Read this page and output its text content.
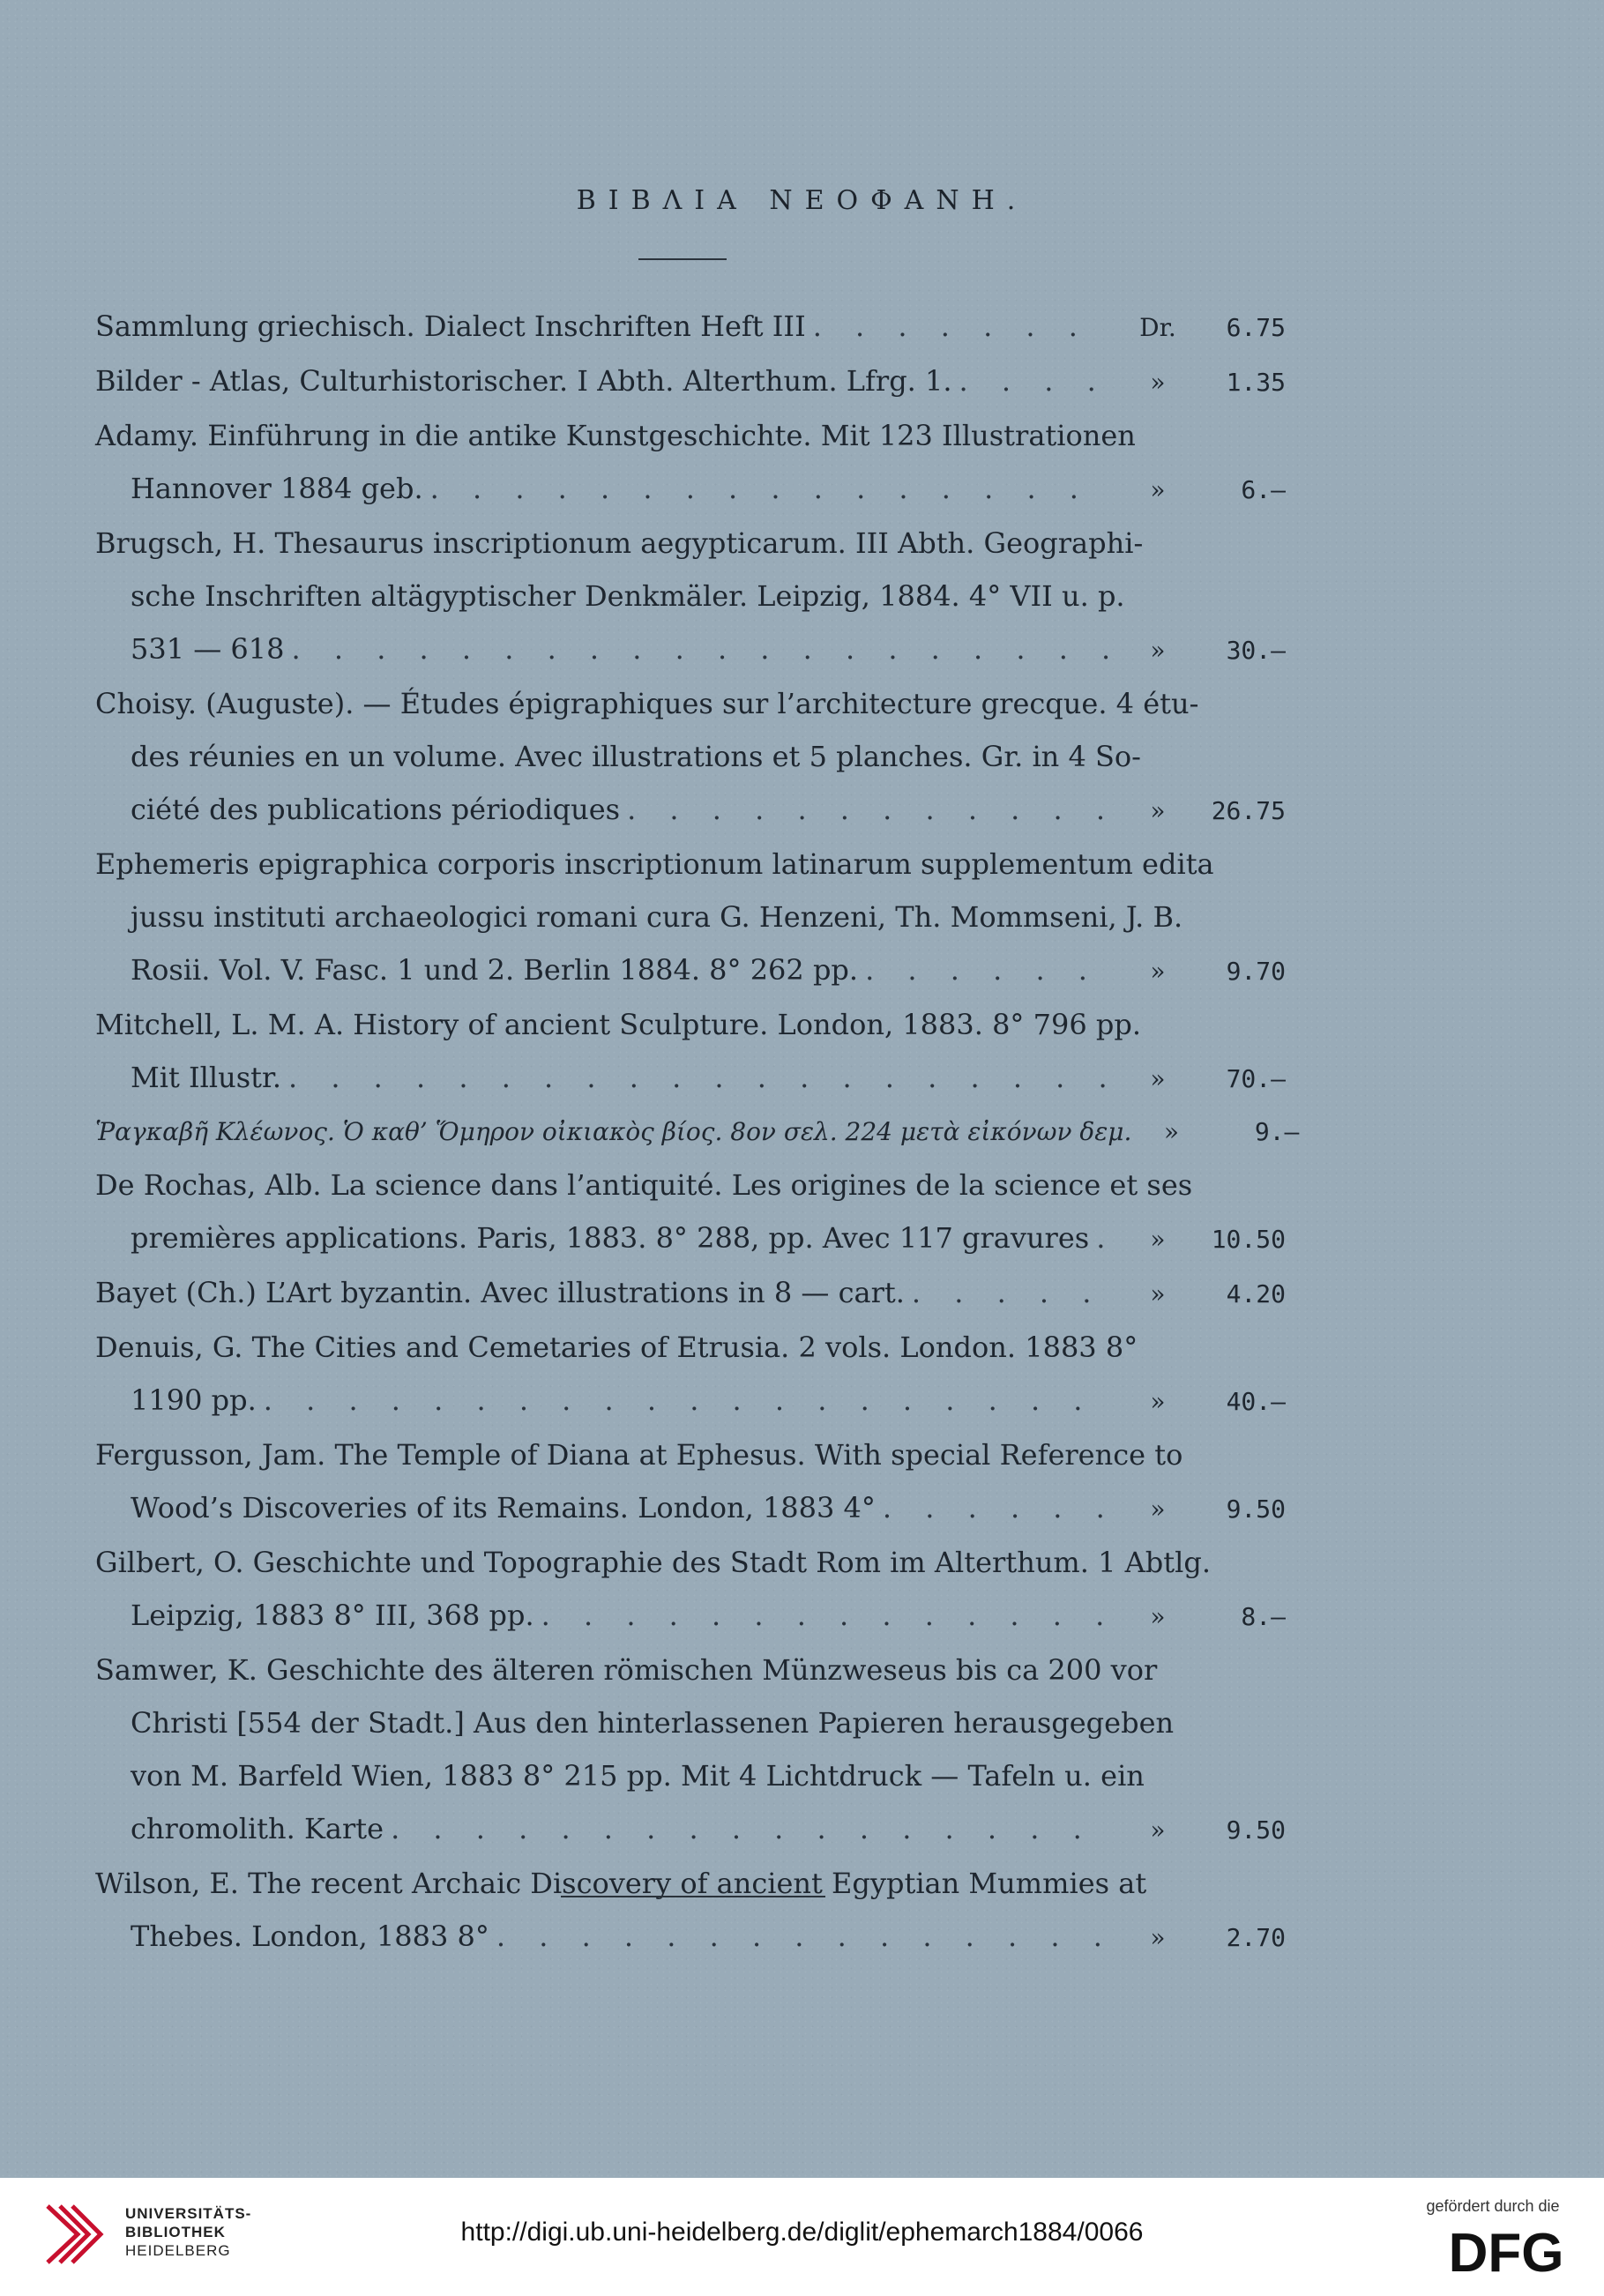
ΒΙΒΛΙΑ ΝΕΟΦΑΝΗ.
Sammlung griechisch. Dialect Inschriften Heft III . . .	Dr.	6.75
Bilder - Atlas, Culturhistorischer. I Abth. Alterthum. Lfrg. 1. . . .	»	1.35
Adamy. Einführung in die antike Kunstgeschichte. Mit 123 Illustrationen
Hannover 1884 geb. . . .	»	6.—
Brugsch, H. Thesaurus inscriptionum aegypticarum. III Abth. Geographi-
sche Inschriften altägyptischer Denkmäler. Leipzig, 1884. 4° VII u. p.
531 — 618 . . .	»	30.—
Choisy. (Auguste). — Études épigraphiques sur l’architecture grecque. 4 étu-
des réunies en un volume. Avec illustrations et 5 planches. Gr. in 4 So-
ciété des publications périodiques . . .	»	26.75
Ephemeris epigraphica corporis inscriptionum latinarum supplementum edita
jussu instituti archaeologici romani cura G. Henzeni, Th. Mommseni, J. B.
Rosii. Vol. V. Fasc. 1 und 2. Berlin 1884. 8° 262 pp. . . .	»	9.70
Mitchell, L. M. A. History of ancient Sculpture. London, 1883. 8° 796 pp.
Mit Illustr. . . .	»	70.—
Ῥαγκαβῆ Κλέωνος. Ὁ καθ’ Ὅμηρον οἰκιακὸς βίος. 8ον σελ. 224 μετὰ εἰκόνων δεμ.	»	9.—
De Rochas, Alb. La science dans l’antiquité. Les origines de la science et ses
premières applications. Paris, 1883. 8° 288, pp. Avec 117 gravures . . .	»	10.50
Bayet (Ch.) L’Art byzantin. Avec illustrations in 8 — cart. . . .	»	4.20
Denuis, G. The Cities and Cemetaries of Etrusia. 2 vols. London. 1883 8°
1190 pp. . . .	»	40.—
Fergusson, Jam. The Temple of Diana at Ephesus. With special Reference to
Wood’s Discoveries of its Remains. London, 1883 4° . . .	»	9.50
Gilbert, O. Geschichte und Topographie des Stadt Rom im Alterthum. 1 Abtlg.
Leipzig, 1883 8° III, 368 pp. . . .	»	8.—
Samwer, K. Geschichte des älteren römischen Münzweseus bis ca 200 vor
Christi [554 der Stadt.] Aus den hinterlassenen Papieren herausgegeben
von M. Barfeld Wien, 1883 8° 215 pp. Mit 4 Lichtdruck — Tafeln u. ein
chromolith. Karte . . .	»	9.50
Wilson, E. The recent Archaic Discovery of ancient Egyptian Mummies at
Thebes. London, 1883 8° . . .	»	2.70

UNIVERSITÄTS-
BIBLIOTHEK
HEIDELBERG

http://digi.ub.uni-heidelberg.de/diglit/ephemarch1884/0066
gefördert durch die
DFG
